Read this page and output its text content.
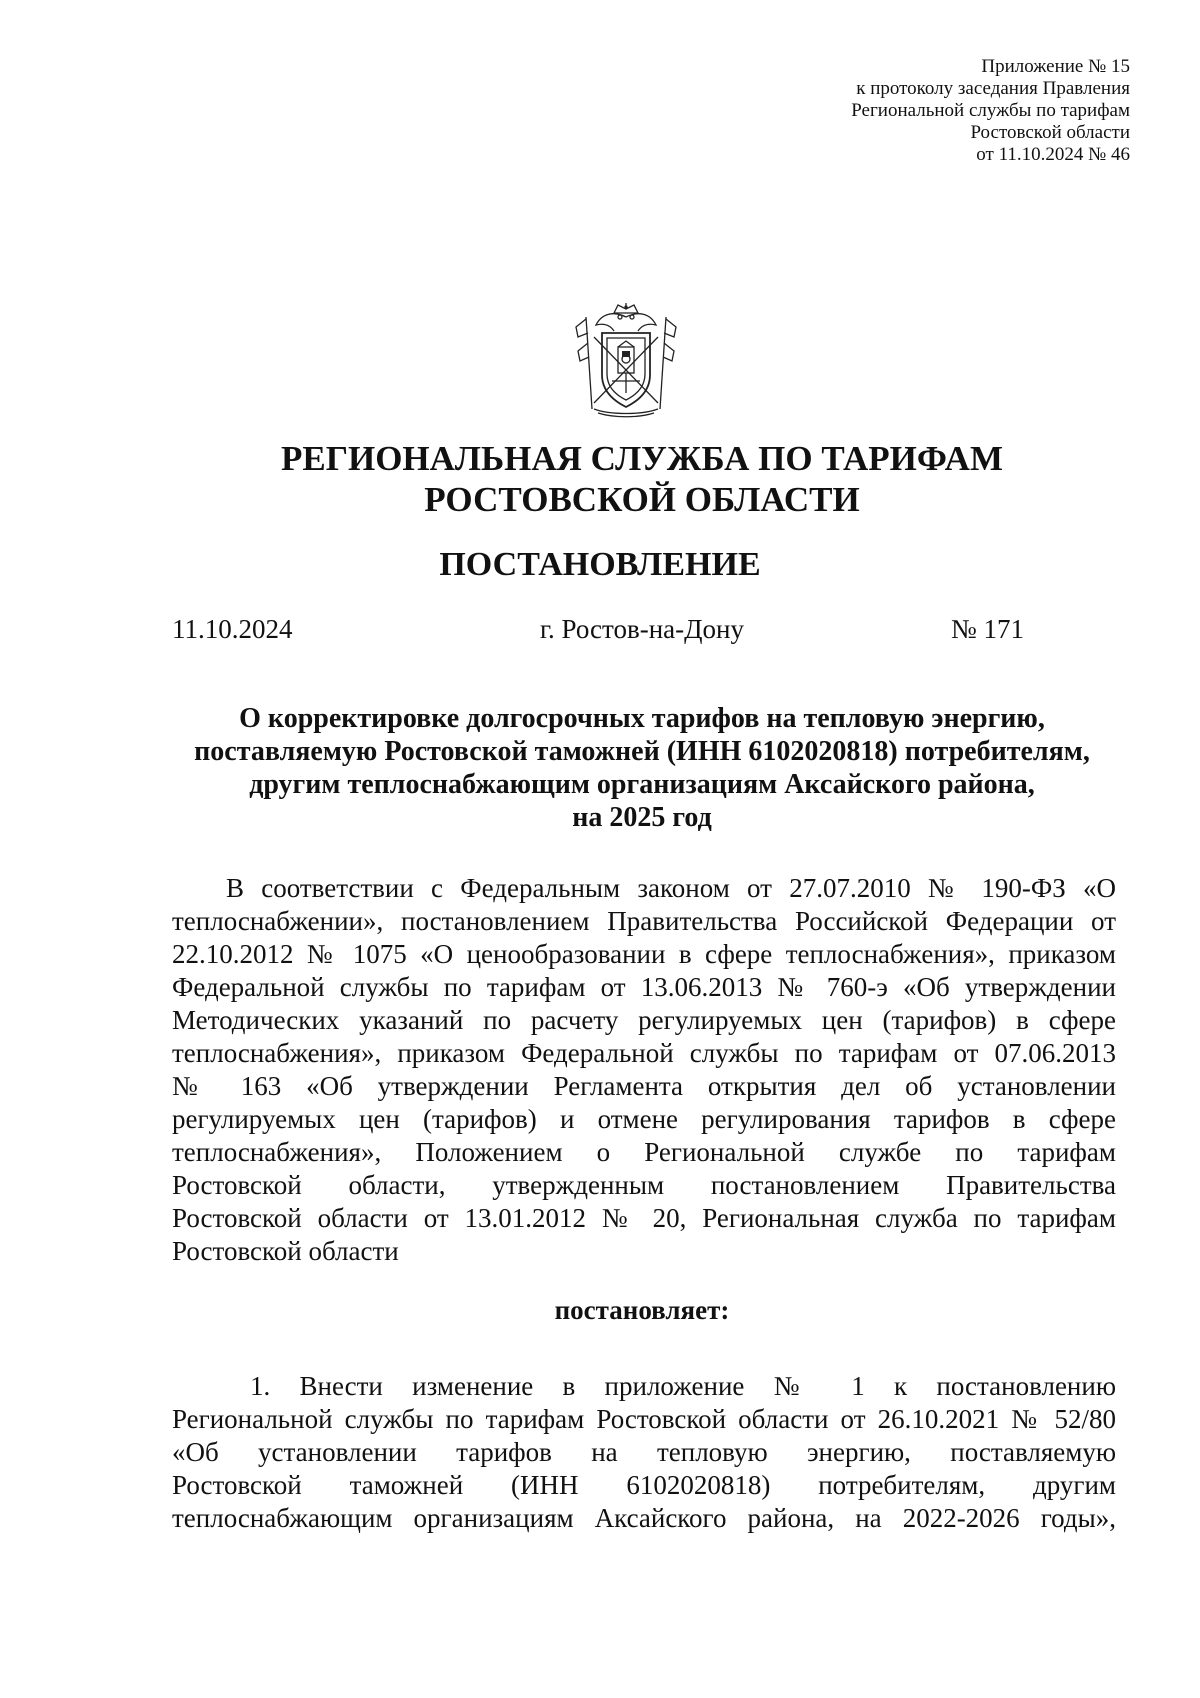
Приложение № 15
к протоколу заседания Правления
Региональной службы по тарифам
Ростовской области
от 11.10.2024 № 46
РЕГИОНАЛЬНАЯ СЛУЖБА ПО ТАРИФАМ
РОСТОВСКОЙ ОБЛАСТИ
ПОСТАНОВЛЕНИЕ
11.10.2024	г. Ростов-на-Дону	№ 171
О корректировке долгосрочных тарифов на тепловую энергию,
поставляемую Ростовской таможней (ИНН 6102020818) потребителям,
другим теплоснабжающим организациям Аксайского района,
на 2025 год
В соответствии с Федеральным законом от 27.07.2010 № 190-ФЗ «О
теплоснабжении», постановлением Правительства Российской Федерации от
22.10.2012 № 1075 «О ценообразовании в сфере теплоснабжения», приказом
Федеральной службы по тарифам от 13.06.2013 № 760-э «Об утверждении
Методических указаний по расчету регулируемых цен (тарифов) в сфере
теплоснабжения», приказом Федеральной службы по тарифам от 07.06.2013
№ 163 «Об утверждении Регламента открытия дел об установлении
регулируемых цен (тарифов) и отмене регулирования тарифов в сфере
теплоснабжения», Положением о Региональной службе по тарифам
Ростовской области, утвержденным постановлением Правительства
Ростовской области от 13.01.2012 № 20, Региональная служба по тарифам
Ростовской области
постановляет:
1. Внести изменение в приложение № 1 к постановлению
Региональной службы по тарифам Ростовской области от 26.10.2021 № 52/80
«Об установлении тарифов на тепловую энергию, поставляемую
Ростовской таможней (ИНН 6102020818) потребителям, другим
теплоснабжающим организациям Аксайского района, на 2022-2026 годы»,
